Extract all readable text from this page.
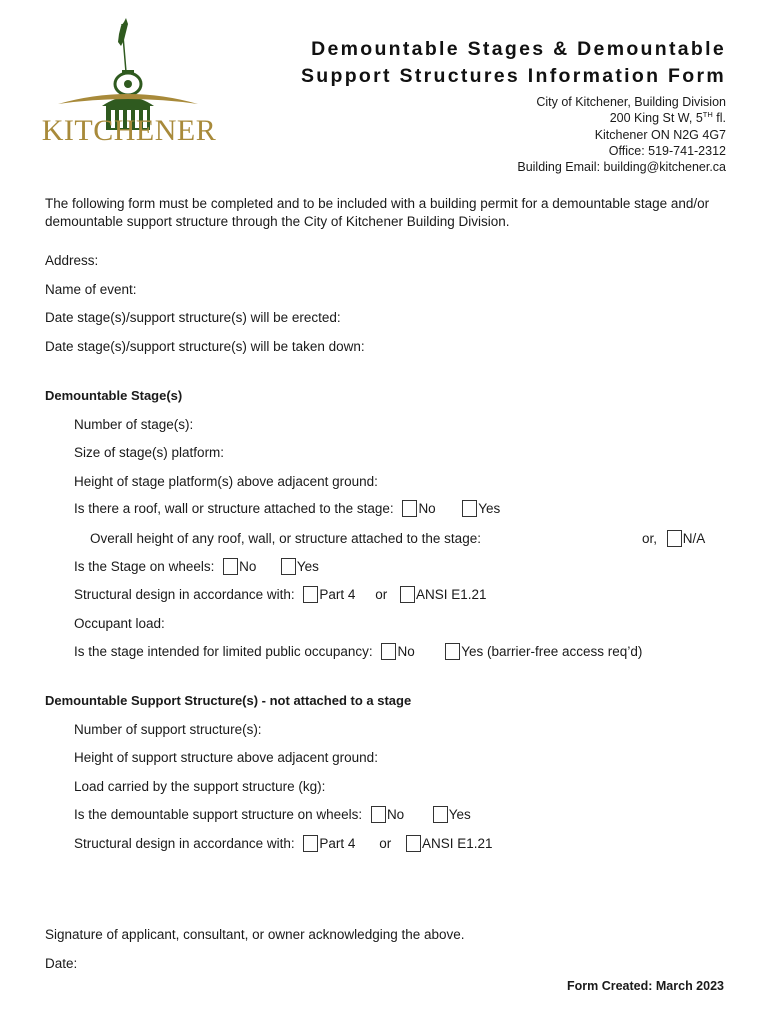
KITCHENER
Demountable Stages & Demountable
Support Structures Information Form
City of Kitchener, Building Division
200 King St W, 5TH fl.
Kitchener ON N2G 4G7
Office: 519-741-2312
Building Email: building@kitchener.ca
The following form must be completed and to be included with a building permit for a demountable stage and/or demountable support structure through the City of Kitchener Building Division.
Address:
Name of event:
Date stage(s)/support structure(s) will be erected:
Date stage(s)/support structure(s) will be taken down:
Demountable Stage(s)
Number of stage(s):
Size of stage(s) platform:
Height of stage platform(s) above adjacent ground:
Is there a roof, wall or structure attached to the stage: No	Yes
Overall height of any roof, wall, or structure attached to the stage:	or, N/A
Is the Stage on wheels: No	Yes
Structural design in accordance with: Part 4 or ANSI E1.21
Occupant load:
Is the stage intended for limited public occupancy: No	Yes (barrier-free access req’d)
Demountable Support Structure(s) - not attached to a stage
Number of support structure(s):
Height of support structure above adjacent ground:
Load carried by the support structure (kg):
Is the demountable support structure on wheels: No	Yes
Structural design in accordance with: Part 4 or ANSI E1.21
Signature of applicant, consultant, or owner acknowledging the above.
Date:
Form Created: March 2023
